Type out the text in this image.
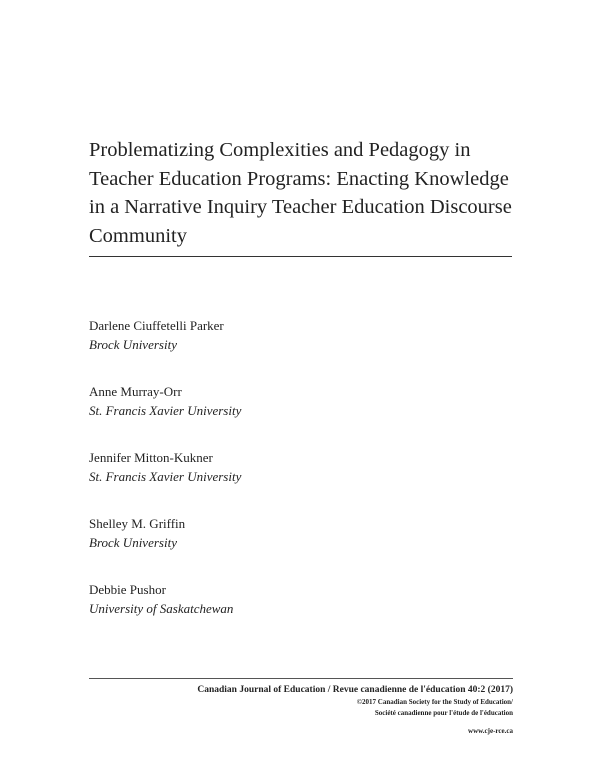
Problematizing Complexities and Pedagogy in Teacher Education Programs: Enacting Knowledge in a Narrative Inquiry Teacher Education Discourse Community
Darlene Ciuffetelli Parker
Brock University
Anne Murray-Orr
St. Francis Xavier University
Jennifer Mitton-Kukner
St. Francis Xavier University
Shelley M. Griffin
Brock University
Debbie Pushor
University of Saskatchewan
Canadian Journal of Education / Revue canadienne de l'éducation 40:2 (2017)
©2017 Canadian Society for the Study of Education/
Société canadienne pour l'étude de l'éducation
www.cje-rce.ca
